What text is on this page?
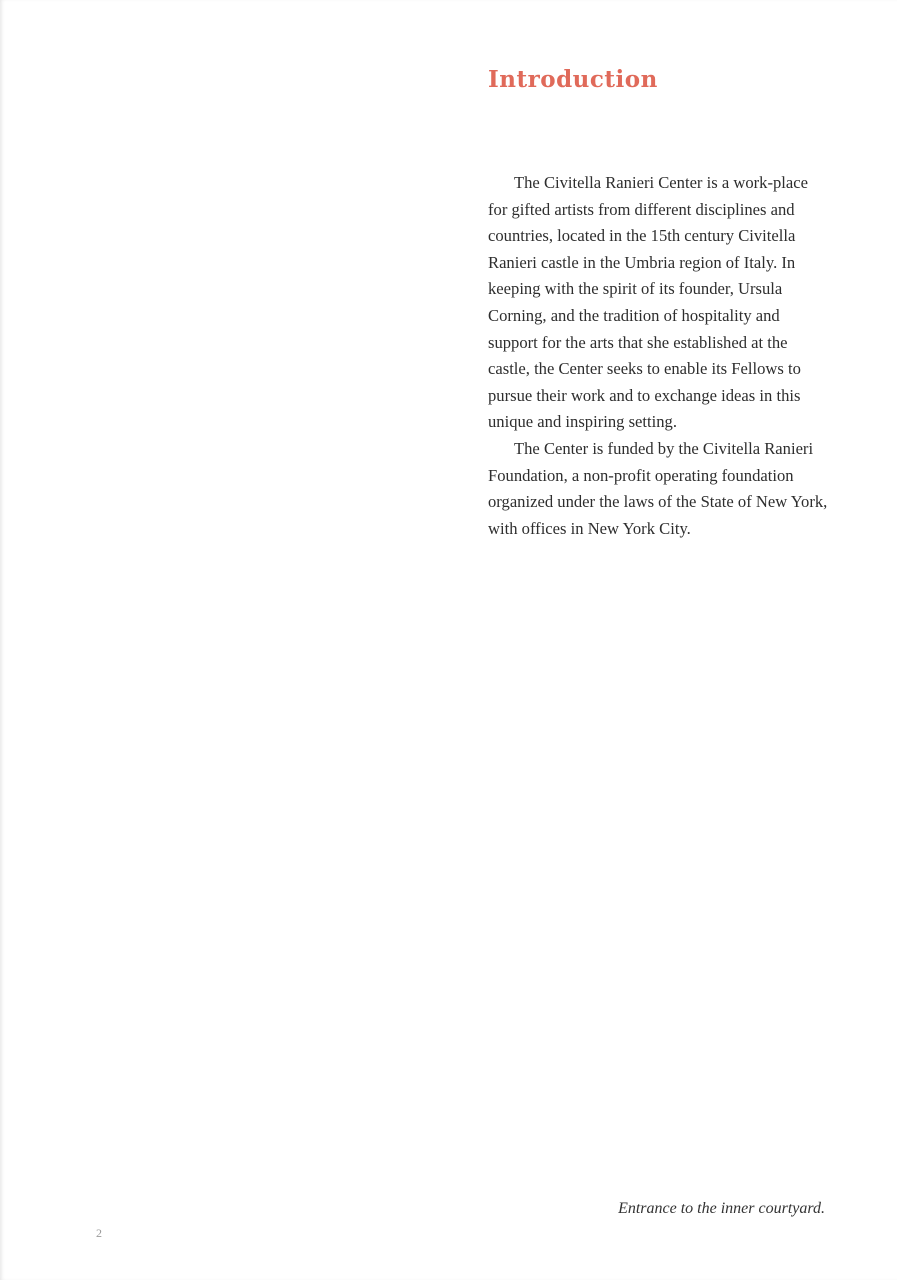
Introduction

The Civitella Ranieri Center is a work-place for gifted artists from different disciplines and countries, located in the 15th century Civitella Ranieri castle in the Umbria region of Italy. In keeping with the spirit of its founder, Ursula Corning, and the tradition of hospitality and support for the arts that she established at the castle, the Center seeks to enable its Fellows to pursue their work and to exchange ideas in this unique and inspiring setting.

The Center is funded by the Civitella Ranieri Foundation, a non-profit operating foundation organized under the laws of the State of New York, with offices in New York City.

Entrance to the inner courtyard.

2
